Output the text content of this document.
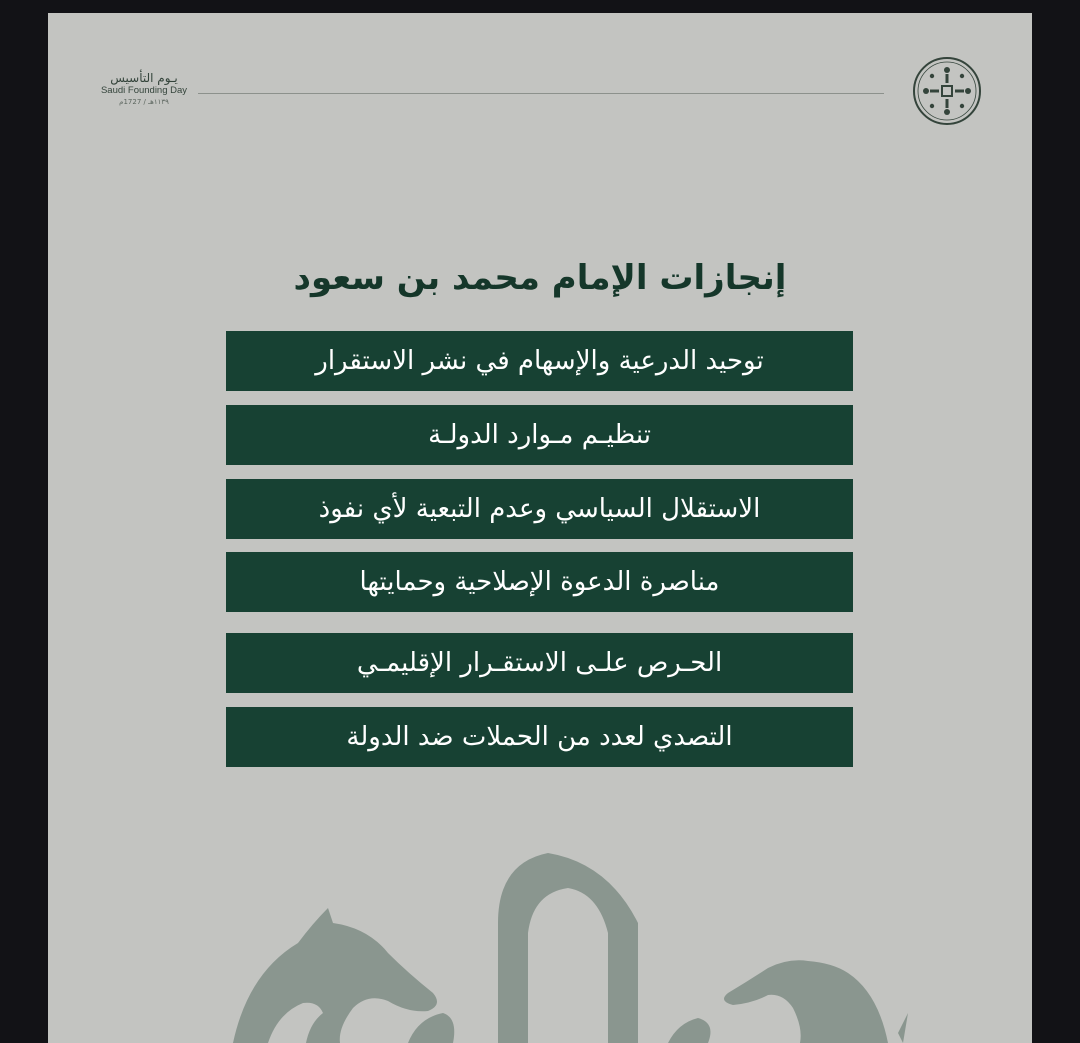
يـوم التأسيس
Saudi Founding Day
١١٣٩هـ / 1727م
إنجازات الإمام محمد بن سعود
توحيد الدرعية والإسهام في نشر الاستقرار
تنظيـم مـوارد الدولـة
الاستقلال السياسي وعدم التبعية لأي نفوذ
مناصرة الدعوة الإصلاحية وحمايتها
الحـرص علـى الاستقـرار الإقليمـي
التصدي لعدد من الحملات ضد الدولة
